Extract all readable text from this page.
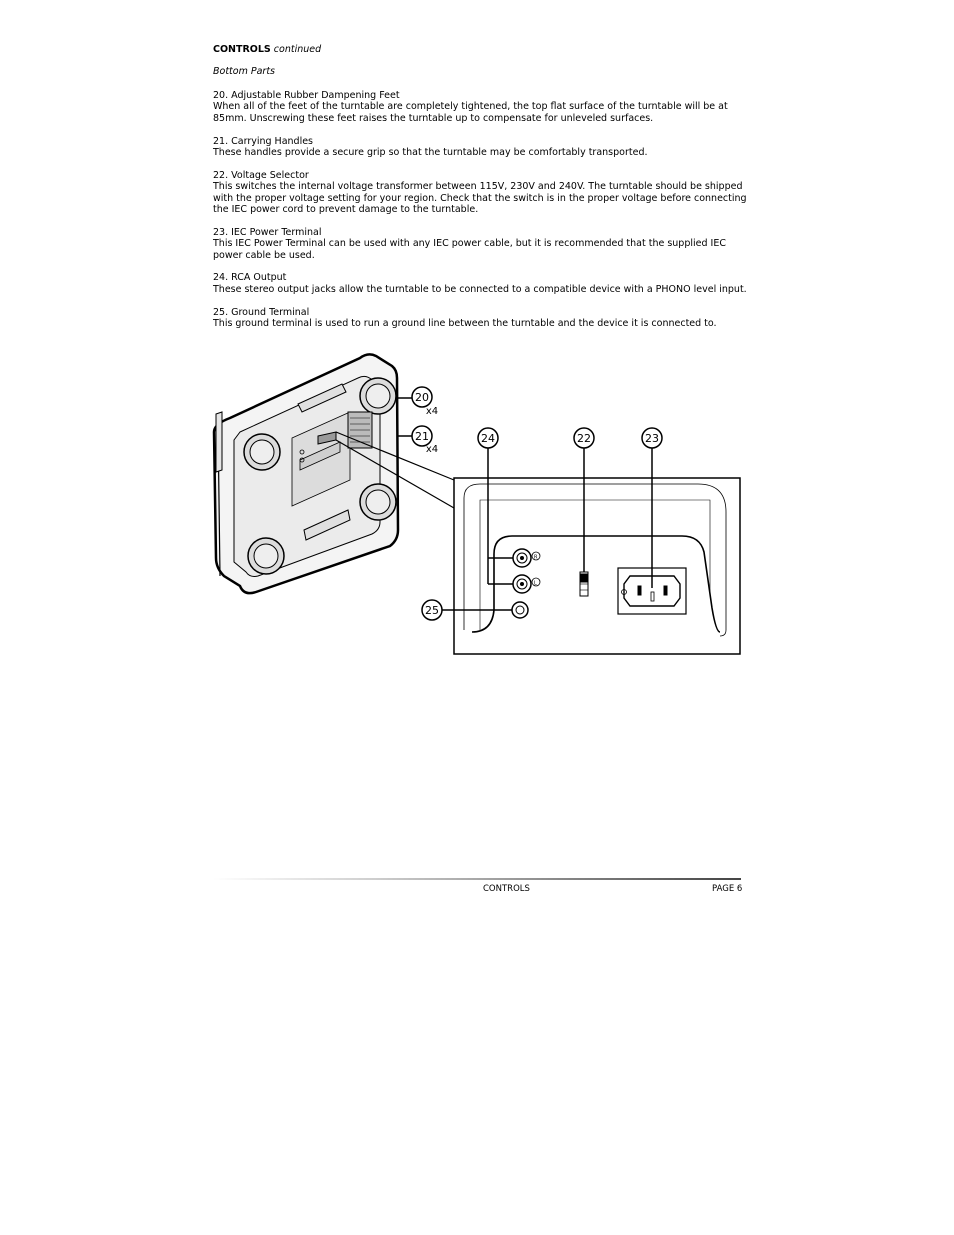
CONTROLS continued
Bottom Parts

20. Adjustable Rubber Dampening Feet

When all of the feet of the turntable are completely tightened, the top flat surface of the turntable will be at 85mm. Unscrewing these feet raises the turntable up to compensate for unleveled surfaces.

21. Carrying Handles

These handles provide a secure grip so that the turntable may be comfortably transported.

22. Voltage Selector

This switches the internal voltage transformer between 115V, 230V and 240V. The turntable should be shipped with the proper voltage setting for your region. Check that the switch is in the proper voltage before connecting the IEC power cord to prevent damage to the turntable.

23. IEC Power Terminal

This IEC Power Terminal can be used with any IEC power cable, but it is recommended that the supplied IEC power cable be used.

24. RCA Output

These stereo output jacks allow the turntable to be connected to a compatible device with a PHONO level input.

25. Ground Terminal

This ground terminal is used to run a ground line between the turntable and the device it is connected to.

R
L
20
x4
21
x4
24	22	23
25
CONTROLS	PAGE 6
